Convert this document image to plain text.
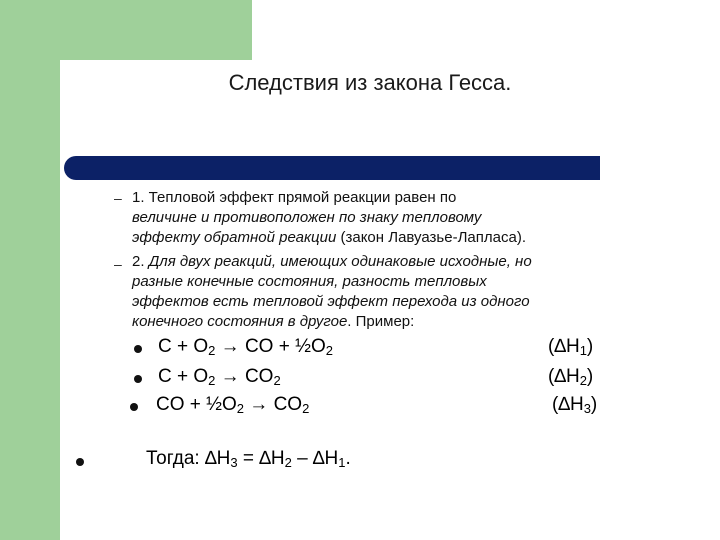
Следствия из закона Гесса.
– 1. Тепловой эффект прямой реакции равен по
величине и противоположен по знаку тепловому
эффекту обратной реакции (закон Лавуазье-Лапласа).
– 2. Для двух реакций, имеющих одинаковые исходные, но
разные конечные состояния, разность тепловых
эффектов есть тепловой эффект перехода из одного
конечного состояния в другое. Пример:
$C + O_2$ → CO + $\frac{1}{2}O_2$	$(\Delta H_1)$
$C + O_2 \to CO_2$	$(\Delta H_2)$
CO + $\frac{1}{2}O_2 \to CO_2$	$(\Delta H_3)$
Тогда: $\Delta H_3 = \Delta H_2 - \Delta H_1$.
